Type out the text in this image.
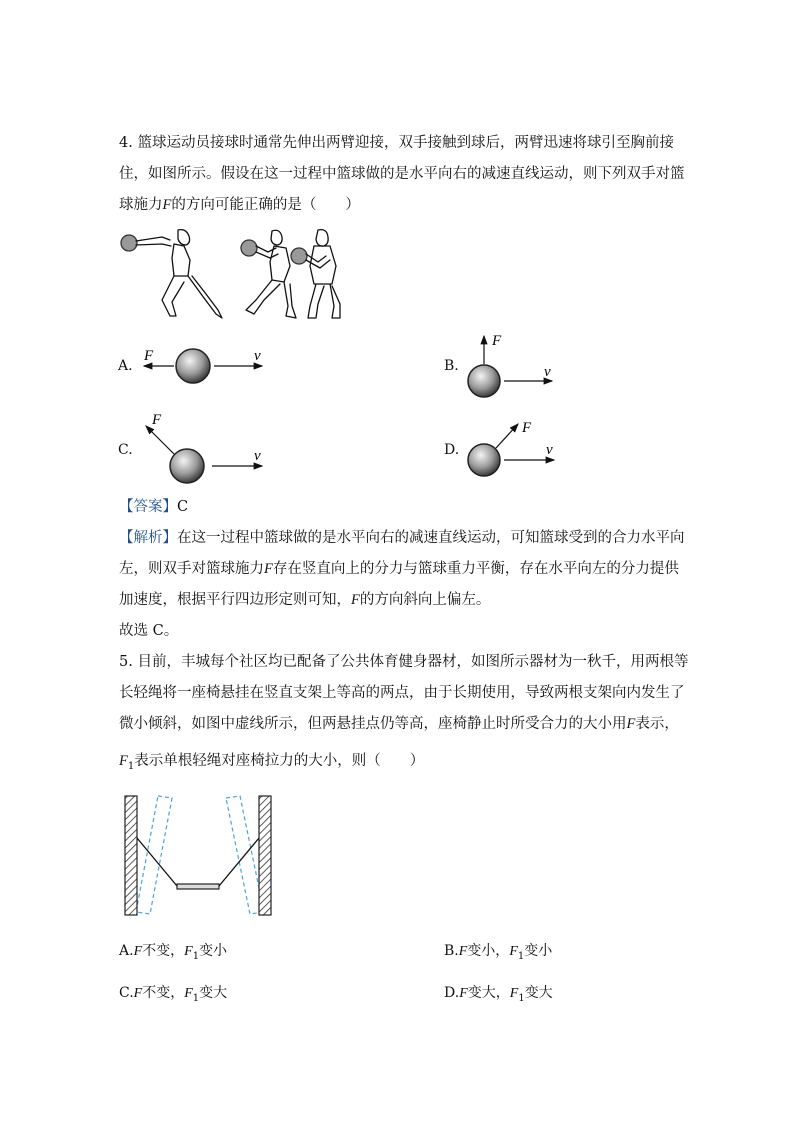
4. 篮球运动员接球时通常先伸出两臂迎接，双手接触到球后，两臂迅速将球引至胸前接
住，如图所示。假设在这一过程中篮球做的是水平向右的减速直线运动，则下列双手对篮
球施力F的方向可能正确的是（　　）
A.
F	v
B.
F
v
C.
F
v	D.
F
v
【答案】C
【解析】在这一过程中篮球做的是水平向右的减速直线运动，可知篮球受到的合力水平向
左，则双手对篮球施力F存在竖直向上的分力与篮球重力平衡，存在水平向左的分力提供
加速度，根据平行四边形定则可知，F的方向斜向上偏左。
故选 C。
5. 目前，丰城每个社区均已配备了公共体育健身器材，如图所示器材为一秋千，用两根等
长轻绳将一座椅悬挂在竖直支架上等高的两点，由于长期使用，导致两根支架向内发生了
微小倾斜，如图中虚线所示，但两悬挂点仍等高，座椅静止时所受合力的大小用F表示，
$F_1$表示单根轻绳对座椅拉力的大小，则（　　）
A.F不变，$F_1$变小	B.F变小，$F_1$变小
C.F不变，$F_1$变大	D.F变大，$F_1$变大
